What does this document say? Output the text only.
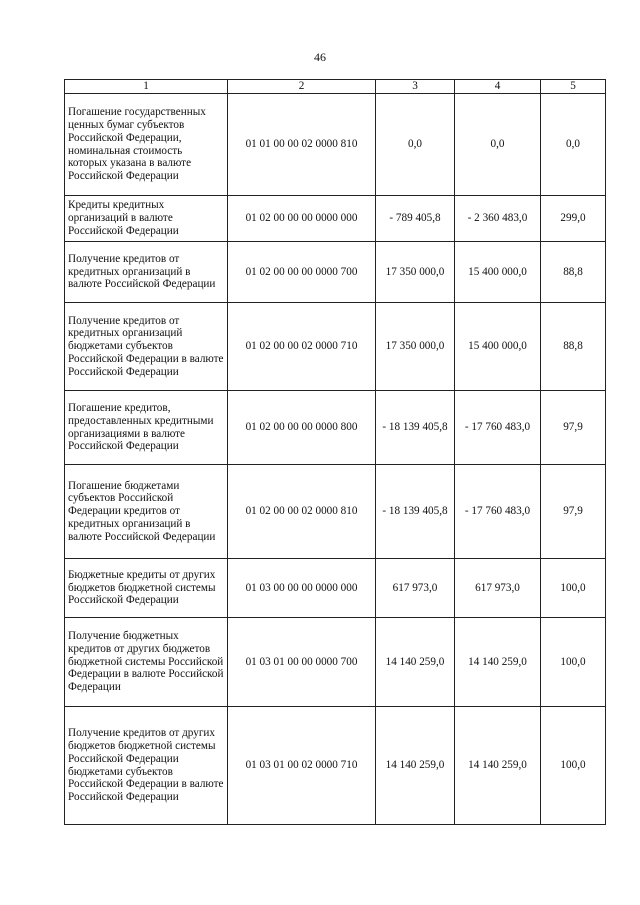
46
1	2	3	4	5
Погашение государственных ценных бумаг субъектов Российской Федерации, номинальная стоимость которых указана в валюте Российской Федерации	01 01 00 00 02 0000 810	0,0	0,0	0,0
Кредиты кредитных организаций в валюте Российской Федерации	01 02 00 00 00 0000 000	- 789 405,8	- 2 360 483,0	299,0
Получение кредитов от кредитных организаций в валюте Российской Федерации	01 02 00 00 00 0000 700	17 350 000,0	15 400 000,0	88,8
Получение кредитов от кредитных организаций бюджетами субъектов Российской Федерации в валюте Российской Федерации	01 02 00 00 02 0000 710	17 350 000,0	15 400 000,0	88,8
Погашение кредитов, предоставленных кредитными организациями в валюте Российской Федерации	01 02 00 00 00 0000 800	- 18 139 405,8	- 17 760 483,0	97,9
Погашение бюджетами субъектов Российской Федерации кредитов от кредитных организаций в валюте Российской Федерации	01 02 00 00 02 0000 810	- 18 139 405,8	- 17 760 483,0	97,9
Бюджетные кредиты от других бюджетов бюджетной системы Российской Федерации	01 03 00 00 00 0000 000	617 973,0	617 973,0	100,0
Получение бюджетных кредитов от других бюджетов бюджетной системы Российской Федерации в валюте Российской Федерации	01 03 01 00 00 0000 700	14 140 259,0	14 140 259,0	100,0
Получение кредитов от других бюджетов бюджетной системы Российской Федерации бюджетами субъектов Российской Федерации в валюте Российской Федерации	01 03 01 00 02 0000 710	14 140 259,0	14 140 259,0	100,0
